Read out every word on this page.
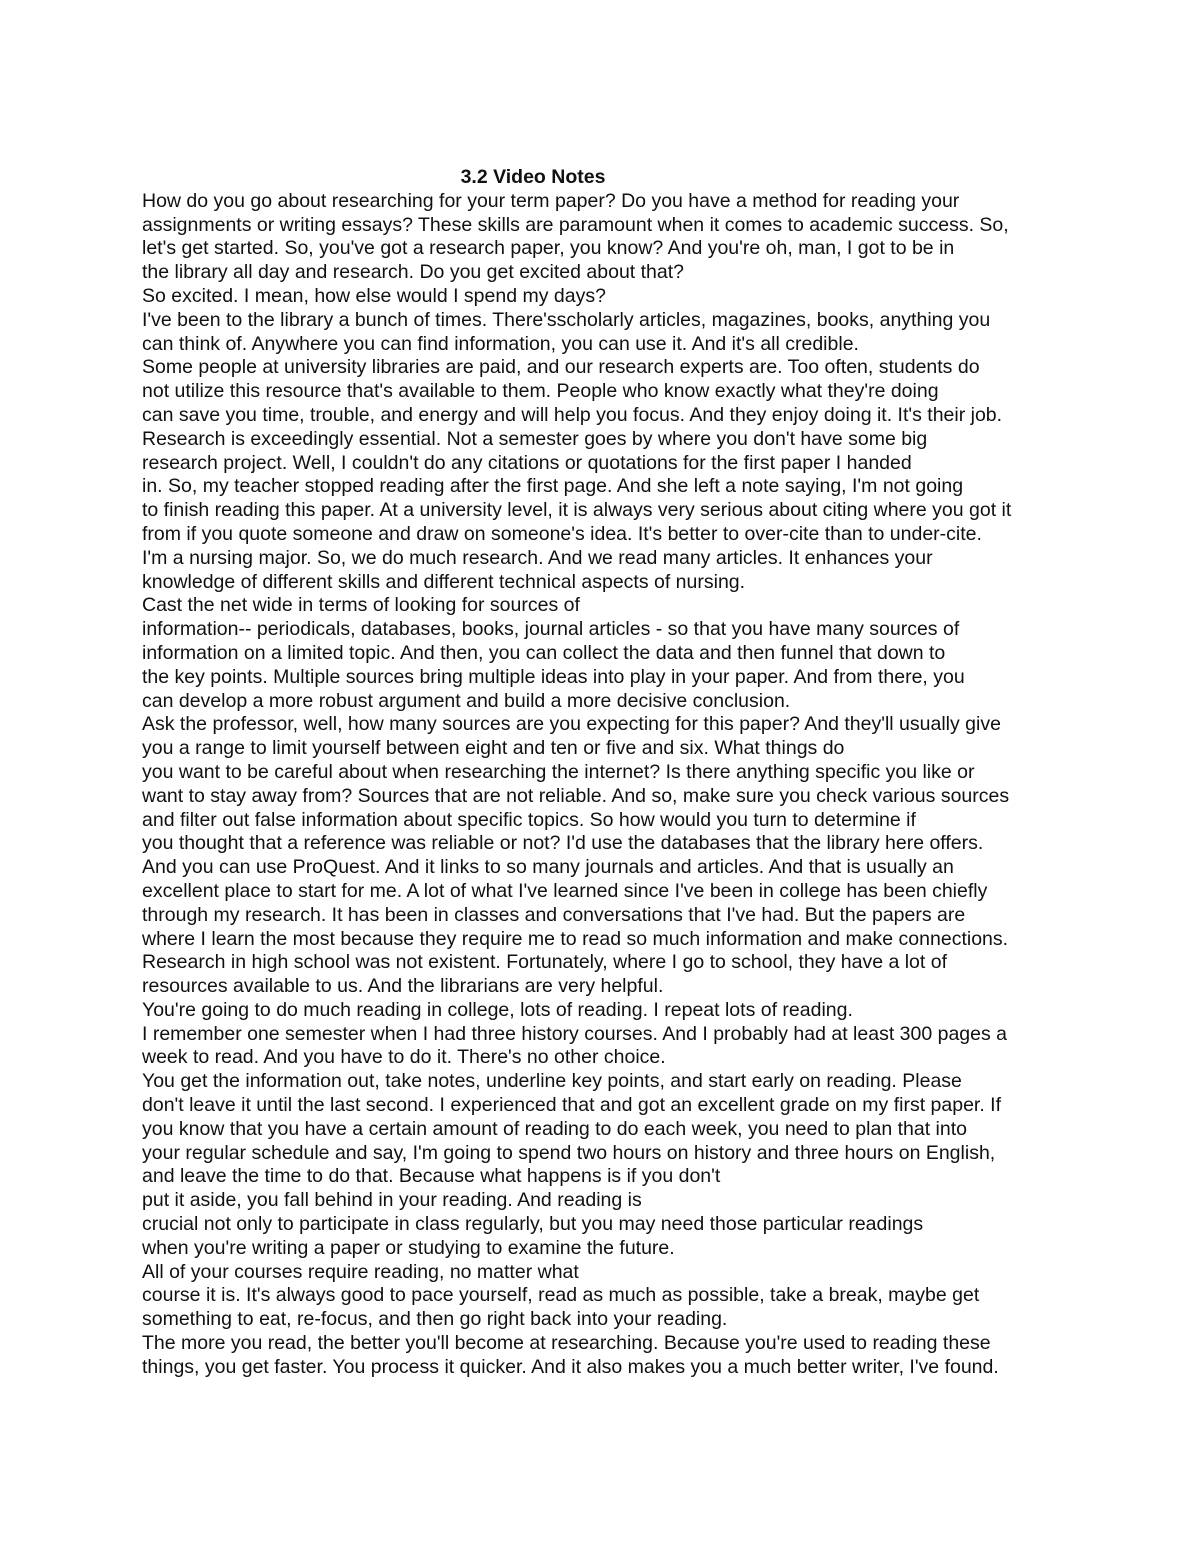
3.2 Video Notes
How do you go about researching for your term paper? Do you have a method for reading your
assignments or writing essays? These skills are paramount when it comes to academic success. So,
let's get started. So, you've got a research paper, you know? And you're oh, man, I got to be in
the library all day and research. Do you get excited about that?
So excited. I mean, how else would I spend my days?
I've been to the library a bunch of times. There'sscholarly articles, magazines, books, anything you
can think of. Anywhere you can find information, you can use it. And it's all credible.
Some people at university libraries are paid, and our research experts are. Too often, students do
not utilize this resource that's available to them. People who know exactly what they're doing
can save you time, trouble, and energy and will help you focus. And they enjoy doing it. It's their job.
Research is exceedingly essential. Not a semester goes by where you don't have some big
research project. Well, I couldn't do any citations or quotations for the first paper I handed
in. So, my teacher stopped reading after the first page. And she left a note saying, I'm not going
to finish reading this paper. At a university level, it is always very serious about citing where you got it
from if you quote someone and draw on someone's idea. It's better to over-cite than to under-cite.
I'm a nursing major. So, we do much research. And we read many articles. It enhances your
knowledge of different skills and different technical aspects of nursing.
Cast the net wide in terms of looking for sources of
information-- periodicals, databases, books, journal articles - so that you have many sources of
information on a limited topic. And then, you can collect the data and then funnel that down to
the key points. Multiple sources bring multiple ideas into play in your paper. And from there, you
can develop a more robust argument and build a more decisive conclusion.
Ask the professor, well, how many sources are you expecting for this paper? And they'll usually give
you a range to limit yourself between eight and ten or five and six. What things do
you want to be careful about when researching the internet? Is there anything specific you like or
want to stay away from? Sources that are not reliable. And so, make sure you check various sources
and filter out false information about specific topics. So how would you turn to determine if
you thought that a reference was reliable or not? I'd use the databases that the library here offers.
And you can use ProQuest. And it links to so many journals and articles. And that is usually an
excellent place to start for me. A lot of what I've learned since I've been in college has been chiefly
through my research. It has been in classes and conversations that I've had. But the papers are
where I learn the most because they require me to read so much information and make connections.
Research in high school was not existent. Fortunately, where I go to school, they have a lot of
resources available to us. And the librarians are very helpful.
You're going to do much reading in college, lots of reading. I repeat lots of reading.
I remember one semester when I had three history courses. And I probably had at least 300 pages a
week to read. And you have to do it. There's no other choice.
You get the information out, take notes, underline key points, and start early on reading. Please
don't leave it until the last second. I experienced that and got an excellent grade on my first paper. If
you know that you have a certain amount of reading to do each week, you need to plan that into
your regular schedule and say, I'm going to spend two hours on history and three hours on English,
and leave the time to do that. Because what happens is if you don't
put it aside, you fall behind in your reading. And reading is
crucial not only to participate in class regularly, but you may need those particular readings
when you're writing a paper or studying to examine the future.
All of your courses require reading, no matter what
course it is. It's always good to pace yourself, read as much as possible, take a break, maybe get
something to eat, re-focus, and then go right back into your reading.
The more you read, the better you'll become at researching. Because you're used to reading these
things, you get faster. You process it quicker. And it also makes you a much better writer, I've found.
